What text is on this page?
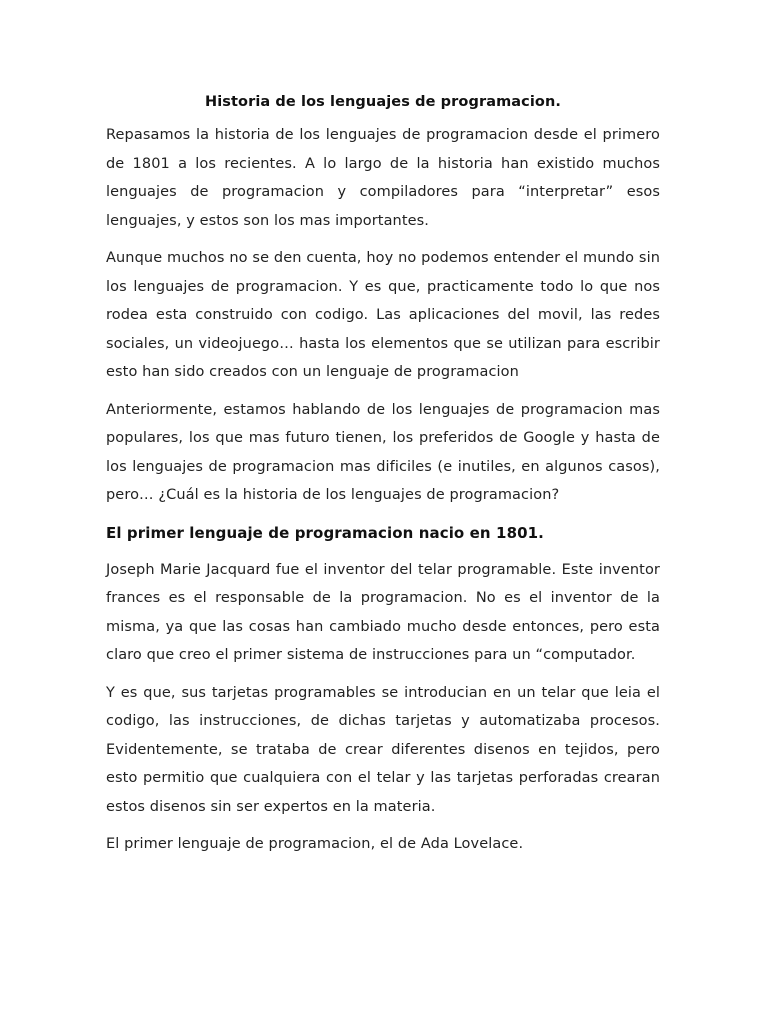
Historia de los lenguajes de programacion.

Repasamos la historia de los lenguajes de programacion desde el primero de 1801 a los recientes. A lo largo de la historia han existido muchos lenguajes de programacion y compiladores para “interpretar” esos lenguajes, y estos son los mas importantes.

Aunque muchos no se den cuenta, hoy no podemos entender el mundo sin los lenguajes de programacion. Y es que, practicamente todo lo que nos rodea esta construido con codigo. Las aplicaciones del movil, las redes sociales, un videojuego… hasta los elementos que se utilizan para escribir esto han sido creados con un lenguaje de programacion

Anteriormente, estamos hablando de los lenguajes de programacion mas populares, los que mas futuro tienen, los preferidos de Google y hasta de los lenguajes de programacion mas dificiles (e inutiles, en algunos casos), pero… ¿Cuál es la historia de los lenguajes de programacion?

El primer lenguaje de programacion nacio en 1801.

Joseph Marie Jacquard fue el inventor del telar programable. Este inventor frances es el responsable de la programacion. No es el inventor de la misma, ya que las cosas han cambiado mucho desde entonces, pero esta claro que creo el primer sistema de instrucciones para un “computador.

Y es que, sus tarjetas programables se introducian en un telar que leia el codigo, las instrucciones, de dichas tarjetas y automatizaba procesos. Evidentemente, se trataba de crear diferentes disenos en tejidos, pero esto permitio que cualquiera con el telar y las tarjetas perforadas crearan estos disenos sin ser expertos en la materia.

El primer lenguaje de programacion, el de Ada Lovelace.
